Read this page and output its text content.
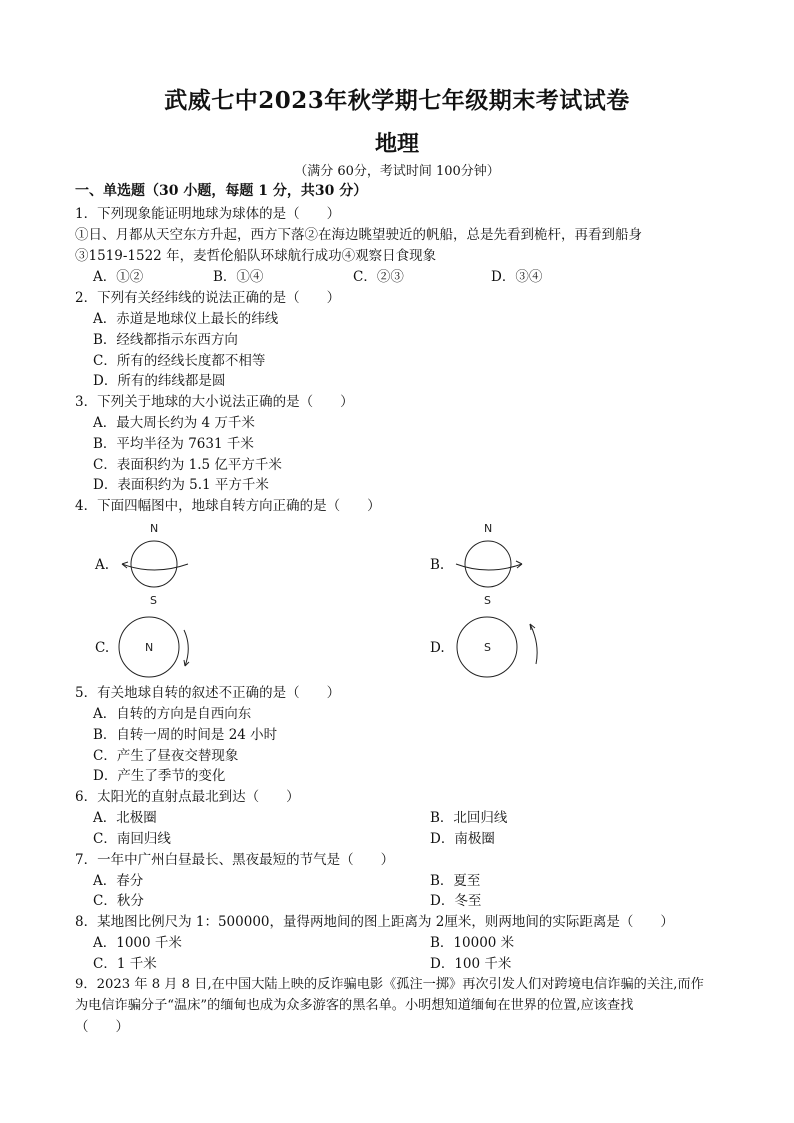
武威七中2023年秋学期七年级期末考试试卷
地理
（满分 60分，考试时间 100分钟）
一、单选题（30 小题，每题 1 分，共30 分）
1．下列现象能证明地球为球体的是（　　）
①日、月都从天空东方升起，西方下落②在海边眺望驶近的帆船，总是先看到桅杆，再看到船身
③1519-1522 年，麦哲伦船队环球航行成功④观察日食现象
A．①②	B．①④	C．②③	D．③④
2．下列有关经纬线的说法正确的是（　　）
A．赤道是地球仪上最长的纬线
B．经线都指示东西方向
C．所有的经线长度都不相等
D．所有的纬线都是圆
3．下列关于地球的大小说法正确的是（　　）
A．最大周长约为 4 万千米
B．平均半径为 7631 千米
C．表面积约为 1.5 亿平方千米
D．表面积约为 5.1 平方千米
4．下面四幅图中，地球自转方向正确的是（　　）
A.
N
S
B.
N
S
C.	N	D.	S
5．有关地球自转的叙述不正确的是（　　）
A．自转的方向是自西向东
B．自转一周的时间是 24 小时
C．产生了昼夜交替现象
D．产生了季节的变化
6．太阳光的直射点最北到达（　　）
A．北极圈	B．北回归线
C．南回归线	D．南极圈
7．一年中广州白昼最长、黑夜最短的节气是（　　）
A．春分	B．夏至
C．秋分	D．冬至
8．某地图比例尺为 1：500000，量得两地间的图上距离为 2厘米，则两地间的实际距离是（　　）
A．1000 千米	B．10000 米
C．1 千米	D．100 千米
9．2023 年 8 月 8 日,在中国大陆上映的反诈骗电影《孤注一掷》再次引发人们对跨境电信诈骗的关注,而作
为电信诈骗分子“温床”的缅甸也成为众多游客的黑名单。小明想知道缅甸在世界的位置,应该查找
（　　）
